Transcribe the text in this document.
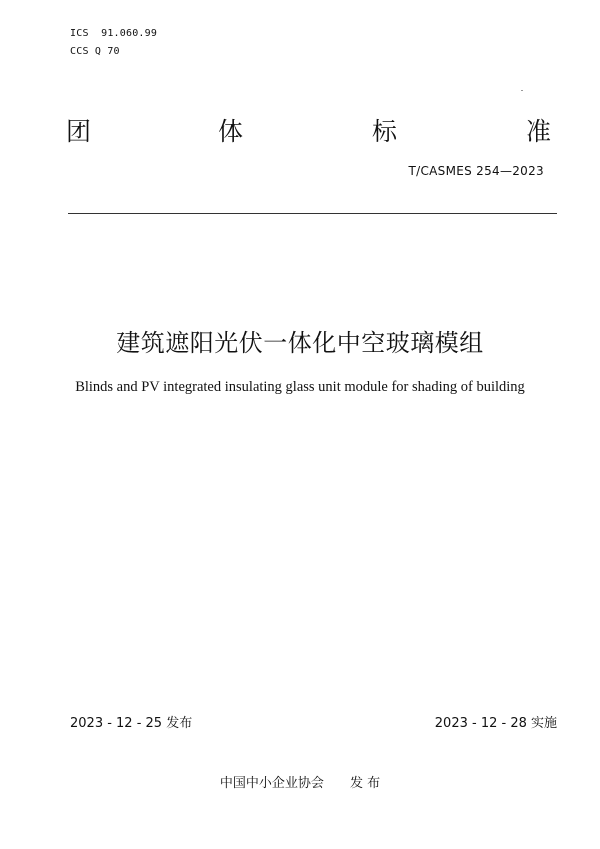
ICS  91.060.99
CCS Q 70
团	体	标	准
T/CASMES 254—2023
建筑遮阳光伏一体化中空玻璃模组
Blinds and PV integrated insulating glass unit module for shading of building
2023 - 12 - 25 发布	2023 - 12 - 28 实施
中国中小企业协会 发 布
